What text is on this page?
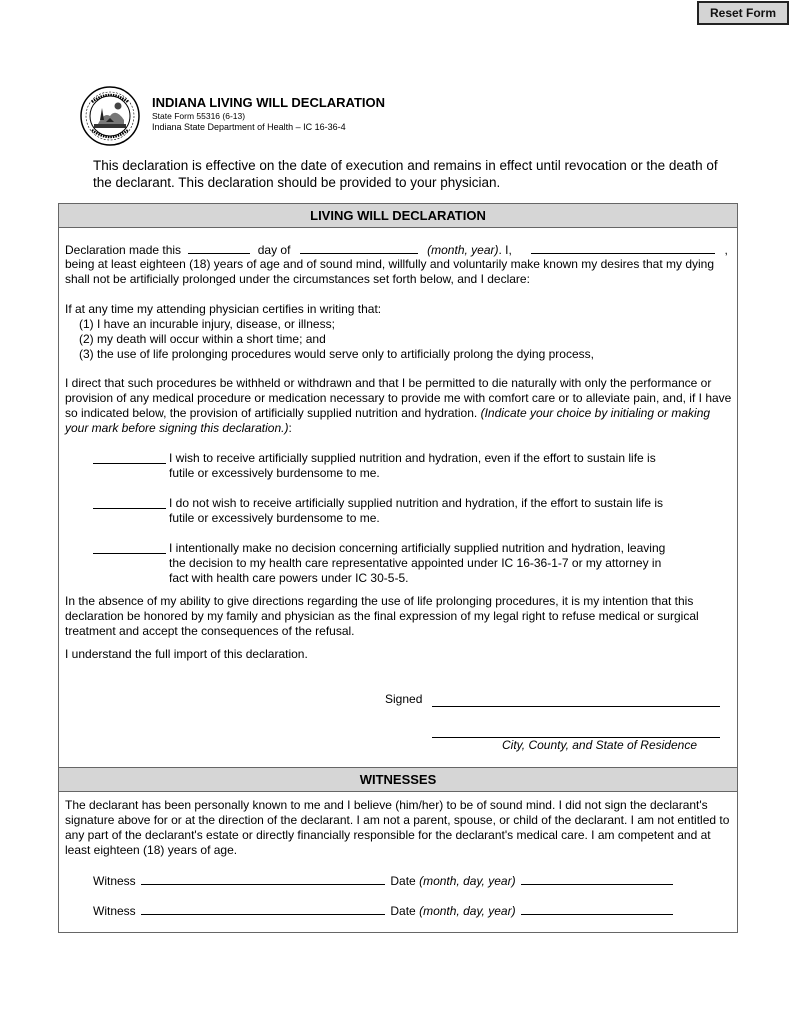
Reset Form
INDIANA LIVING WILL DECLARATION
State Form 55316 (6-13)
Indiana State Department of Health – IC 16-36-4
This declaration is effective on the date of execution and remains in effect until revocation or the death of the declarant. This declaration should be provided to your physician.
LIVING WILL DECLARATION
Declaration made this	day of	(month, year). I,	,
being at least eighteen (18) years of age and of sound mind, willfully and voluntarily make known my desires that my dying shall not be artificially prolonged under the circumstances set forth below, and I declare:
If at any time my attending physician certifies in writing that:
(1) I have an incurable injury, disease, or illness;
(2) my death will occur within a short time; and
(3) the use of life prolonging procedures would serve only to artificially prolong the dying process,
I direct that such procedures be withheld or withdrawn and that I be permitted to die naturally with only the performance or provision of any medical procedure or medication necessary to provide me with comfort care or to alleviate pain, and, if I have so indicated below, the provision of artificially supplied nutrition and hydration. (Indicate your choice by initialing or making your mark before signing this declaration.):
I wish to receive artificially supplied nutrition and hydration, even if the effort to sustain life is futile or excessively burdensome to me.
I do not wish to receive artificially supplied nutrition and hydration, if the effort to sustain life is futile or excessively burdensome to me.
I intentionally make no decision concerning artificially supplied nutrition and hydration, leaving the decision to my health care representative appointed under IC 16-36-1-7 or my attorney in fact with health care powers under IC 30-5-5.
In the absence of my ability to give directions regarding the use of life prolonging procedures, it is my intention that this declaration be honored by my family and physician as the final expression of my legal right to refuse medical or surgical treatment and accept the consequences of the refusal.
I understand the full import of this declaration.
Signed
City, County, and State of Residence
WITNESSES
The declarant has been personally known to me and I believe (him/her) to be of sound mind. I did not sign the declarant's signature above for or at the direction of the declarant. I am not a parent, spouse, or child of the declarant. I am not entitled to any part of the declarant's estate or directly financially responsible for the declarant's medical care. I am competent and at least eighteen (18) years of age.
Witness	Date (month, day, year)
Witness	Date (month, day, year)
